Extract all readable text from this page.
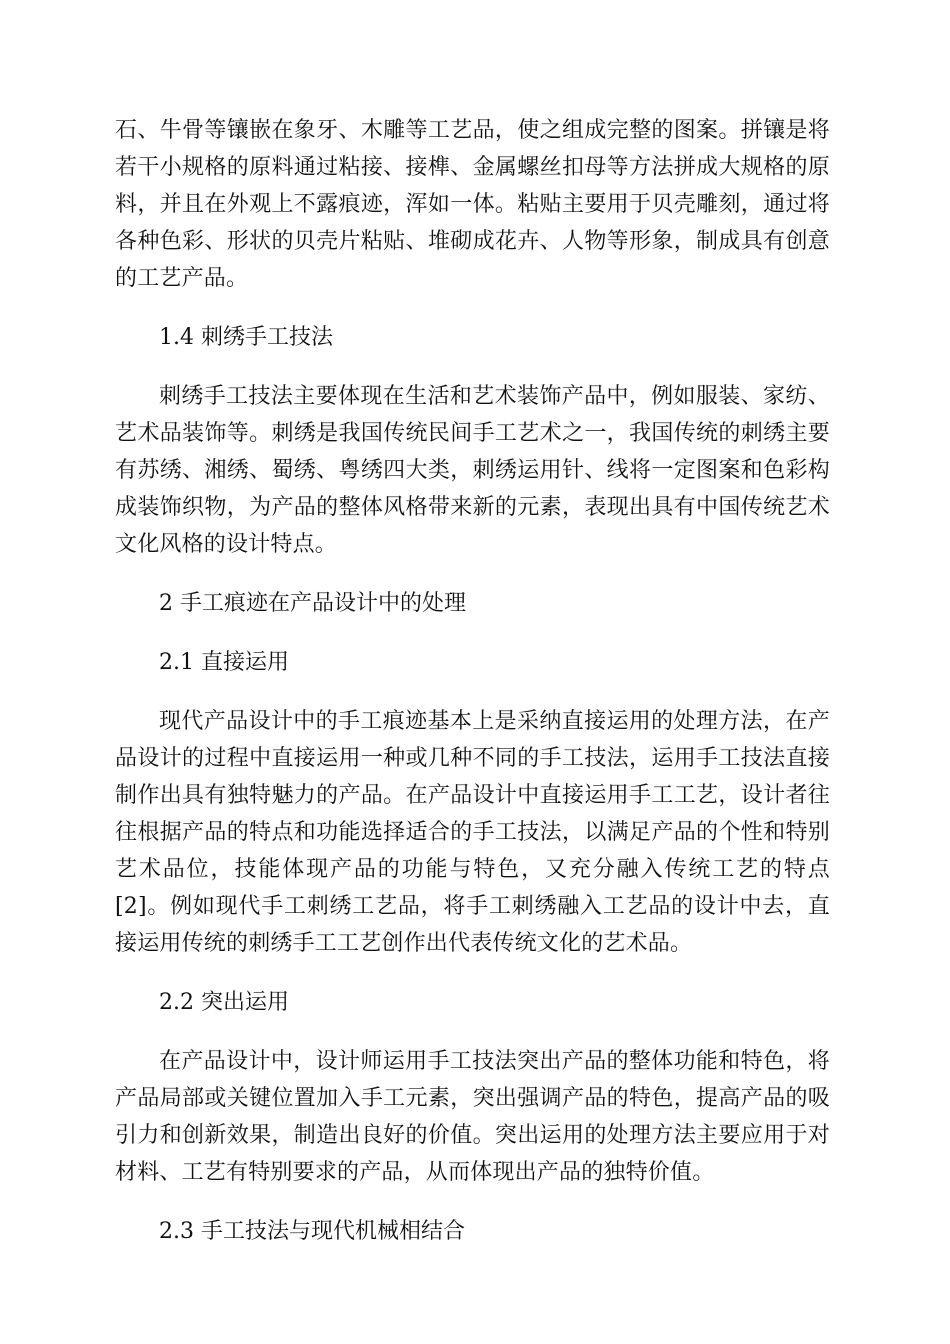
石、牛骨等镶嵌在象牙、木雕等工艺品，使之组成完整的图案。拼镶是将若干小规格的原料通过粘接、接榫、金属螺丝扣母等方法拼成大规格的原料，并且在外观上不露痕迹，浑如一体。粘贴主要用于贝壳雕刻，通过将各种色彩、形状的贝壳片粘贴、堆砌成花卉、人物等形象，制成具有创意的工艺产品。

1.4 刺绣手工技法

刺绣手工技法主要体现在生活和艺术装饰产品中，例如服装、家纺、艺术品装饰等。刺绣是我国传统民间手工艺术之一，我国传统的刺绣主要有苏绣、湘绣、蜀绣、粤绣四大类，刺绣运用针、线将一定图案和色彩构成装饰织物，为产品的整体风格带来新的元素，表现出具有中国传统艺术文化风格的设计特点。

2 手工痕迹在产品设计中的处理

2.1 直接运用

现代产品设计中的手工痕迹基本上是采纳直接运用的处理方法，在产品设计的过程中直接运用一种或几种不同的手工技法，运用手工技法直接制作出具有独特魅力的产品。在产品设计中直接运用手工工艺，设计者往往根据产品的特点和功能选择适合的手工技法，以满足产品的个性和特别艺术品位，技能体现产品的功能与特色，又充分融入传统工艺的特点[2]。例如现代手工刺绣工艺品，将手工刺绣融入工艺品的设计中去，直接运用传统的刺绣手工工艺创作出代表传统文化的艺术品。

2.2 突出运用

在产品设计中，设计师运用手工技法突出产品的整体功能和特色，将产品局部或关键位置加入手工元素，突出强调产品的特色，提高产品的吸引力和创新效果，制造出良好的价值。突出运用的处理方法主要应用于对材料、工艺有特别要求的产品，从而体现出产品的独特价值。

2.3 手工技法与现代机械相结合
